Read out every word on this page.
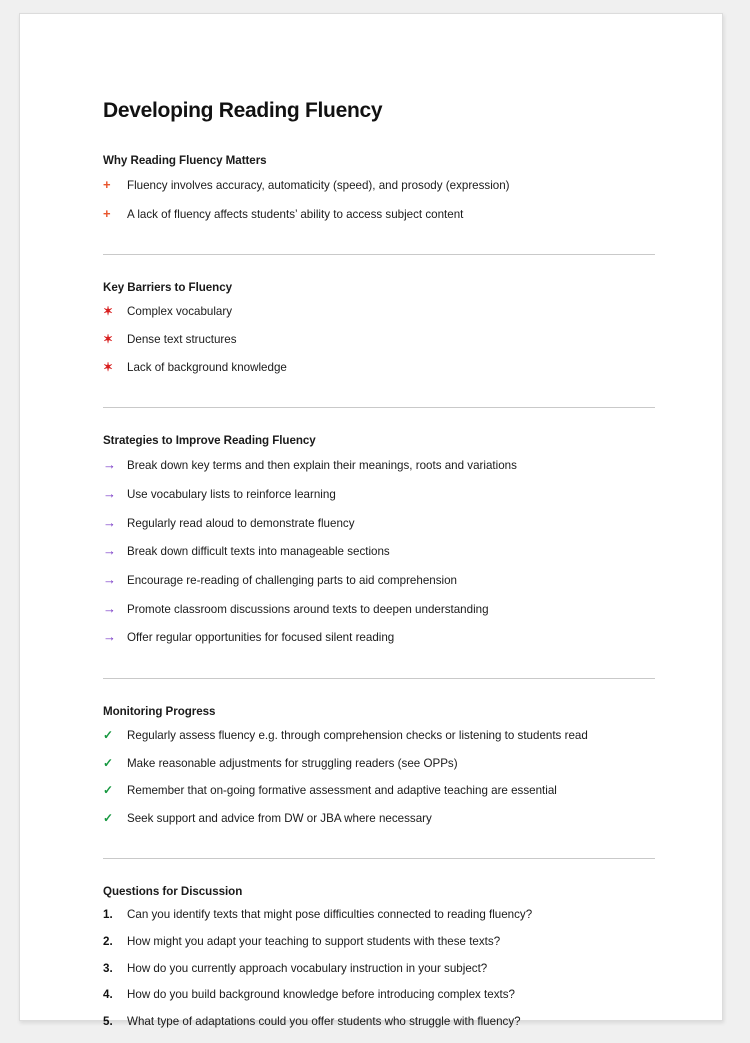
Developing Reading Fluency
Why Reading Fluency Matters
+	Fluency involves accuracy, automaticity (speed), and prosody (expression)
+	A lack of fluency affects students’ ability to access subject content
Key Barriers to Fluency
✶	Complex vocabulary
✶	Dense text structures
✶	Lack of background knowledge
Strategies to Improve Reading Fluency
→ Break down key terms and then explain their meanings, roots and variations
→ Use vocabulary lists to reinforce learning
→ Regularly read aloud to demonstrate fluency
→ Break down difficult texts into manageable sections
→ Encourage re-reading of challenging parts to aid comprehension
→ Promote classroom discussions around texts to deepen understanding
→ Offer regular opportunities for focused silent reading
Monitoring Progress
✓	Regularly assess fluency e.g. through comprehension checks or listening to students read
✓	Make reasonable adjustments for struggling readers (see OPPs)
✓	Remember that on-going formative assessment and adaptive teaching are essential
✓	Seek support and advice from DW or JBA where necessary
Questions for Discussion
1.	Can you identify texts that might pose difficulties connected to reading fluency?
2.	How might you adapt your teaching to support students with these texts?
3.	How do you currently approach vocabulary instruction in your subject?
4.	How do you build background knowledge before introducing complex texts?
5.	What type of adaptations could you offer students who struggle with fluency?
